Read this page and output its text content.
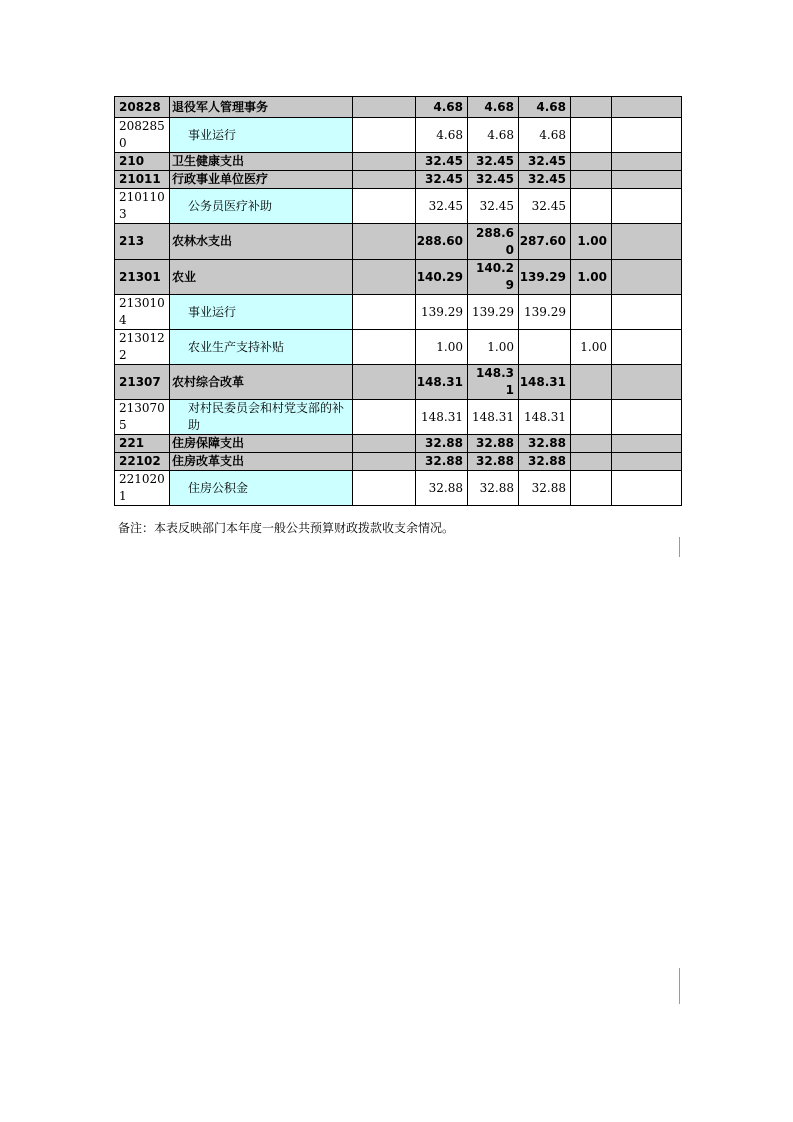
20828	退役军人管理事务		4.68	4.68	4.68		
2082850	事业运行		4.68	4.68	4.68		
210	卫生健康支出		32.45	32.45	32.45		
21011	行政事业单位医疗		32.45	32.45	32.45		
2101103	公务员医疗补助		32.45	32.45	32.45		
213	农林水支出		288.60	288.60	287.60	1.00	
21301	农业		140.29	140.29	139.29	1.00	
2130104	事业运行		139.29	139.29	139.29		
2130122	农业生产支持补贴		1.00	1.00		1.00	
21307	农村综合改革		148.31	148.31	148.31		
2130705	对村民委员会和村党支部的补助		148.31	148.31	148.31		
221	住房保障支出		32.88	32.88	32.88		
22102	住房改革支出		32.88	32.88	32.88		
2210201	住房公积金		32.88	32.88	32.88		
备注：本表反映部门本年度一般公共预算财政拨款收支余情况。
